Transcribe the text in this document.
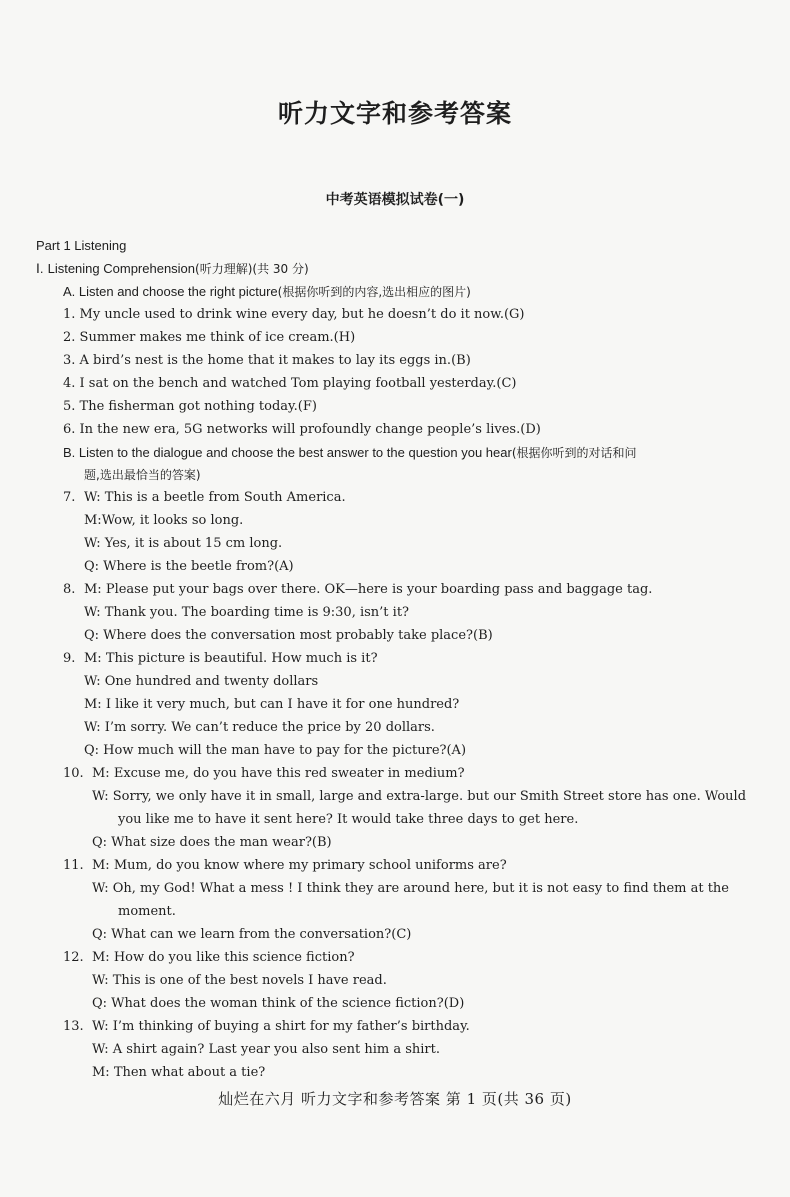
听力文字和参考答案
中考英语模拟试卷(一)
Part 1 Listening
Ⅰ. Listening Comprehension(听力理解)(共 30 分)
A. Listen and choose the right picture(根据你听到的内容,选出相应的图片)
1. My uncle used to drink wine every day, but he doesn’t do it now.(G)
2. Summer makes me think of ice cream.(H)
3. A bird’s nest is the home that it makes to lay its eggs in.(B)
4. I sat on the bench and watched Tom playing football yesterday.(C)
5. The fisherman got nothing today.(F)
6. In the new era, 5G networks will profoundly change people’s lives.(D)
B. Listen to the dialogue and choose the best answer to the question you hear(根据你听到的对话和问
题,选出最恰当的答案)
7. W: This is a beetle from South America.
M:Wow, it looks so long.
W: Yes, it is about 15 cm long.
Q: Where is the beetle from?(A)
8. M: Please put your bags over there. OK—here is your boarding pass and baggage tag.
W: Thank you. The boarding time is 9:30, isn’t it?
Q: Where does the conversation most probably take place?(B)
9. M: This picture is beautiful. How much is it?
W: One hundred and twenty dollars
M: I like it very much, but can I have it for one hundred?
W: I’m sorry. We can’t reduce the price by 20 dollars.
Q: How much will the man have to pay for the picture?(A)
10. M: Excuse me, do you have this red sweater in medium?
W: Sorry, we only have it in small, large and extra-large. but our Smith Street store has one. Would
you like me to have it sent here? It would take three days to get here.
Q: What size does the man wear?(B)
11. M: Mum, do you know where my primary school uniforms are?
W: Oh, my God! What a mess ! I think they are around here, but it is not easy to find them at the
moment.
Q: What can we learn from the conversation?(C)
12. M: How do you like this science fiction?
W: This is one of the best novels I have read.
Q: What does the woman think of the science fiction?(D)
13. W: I’m thinking of buying a shirt for my father’s birthday.
W: A shirt again? Last year you also sent him a shirt.
M: Then what about a tie?
灿烂在六月 听力文字和参考答案 第 1 页(共 36 页)
